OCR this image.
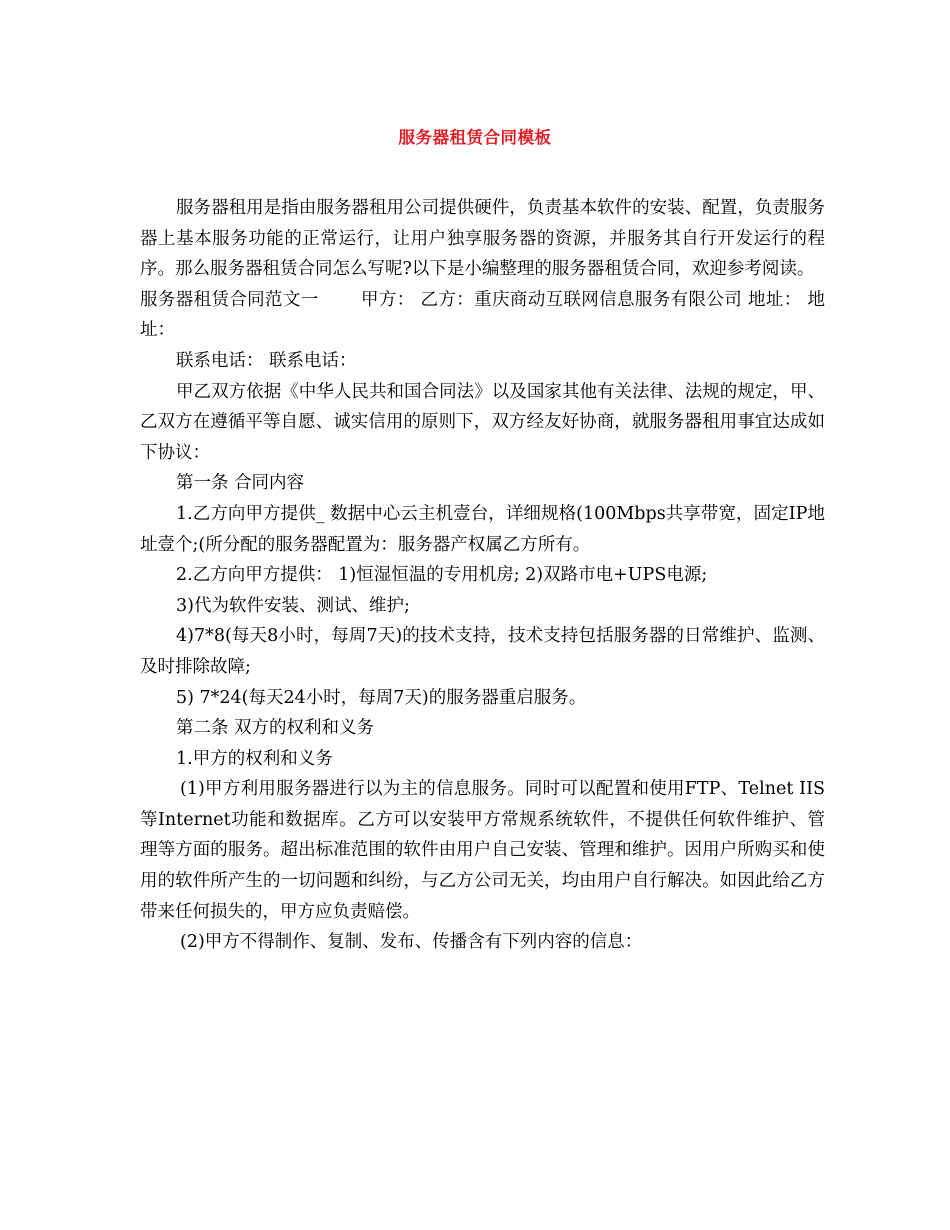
服务器租赁合同模板

服务器租用是指由服务器租用公司提供硬件，负责基本软件的安装、配置，负责服务器上基本服务功能的正常运行，让用户独享服务器的资源，并服务其自行开发运行的程序。那么服务器租赁合同怎么写呢?以下是小编整理的服务器租赁合同，欢迎参考阅读。

服务器租赁合同范文一 甲方： 乙方：重庆商动互联网信息服务有限公司 地址： 地址：

联系电话： 联系电话：

甲乙双方依据《中华人民共和国合同法》以及国家其他有关法律、法规的规定，甲、乙双方在遵循平等自愿、诚实信用的原则下，双方经友好协商，就服务器租用事宜达成如下协议：

第一条 合同内容

1.乙方向甲方提供_ 数据中心云主机壹台，详细规格(100Mbps共享带宽，固定IP地址壹个;(所分配的服务器配置为：服务器产权属乙方所有。

2.乙方向甲方提供： 1)恒湿恒温的专用机房; 2)双路市电+UPS电源;

3)代为软件安装、测试、维护;

4)7*8(每天8小时，每周7天)的技术支持，技术支持包括服务器的日常维护、监测、及时排除故障;

5) 7*24(每天24小时，每周7天)的服务器重启服务。

第二条 双方的权利和义务

1.甲方的权利和义务

(1)甲方利用服务器进行以为主的信息服务。同时可以配置和使用FTP、Telnet IIS等Internet功能和数据库。乙方可以安装甲方常规系统软件，不提供任何软件维护、管理等方面的服务。超出标准范围的软件由用户自己安装、管理和维护。因用户所购买和使用的软件所产生的一切问题和纠纷，与乙方公司无关，均由用户自行解决。如因此给乙方带来任何损失的，甲方应负责赔偿。

(2)甲方不得制作、复制、发布、传播含有下列内容的信息：
